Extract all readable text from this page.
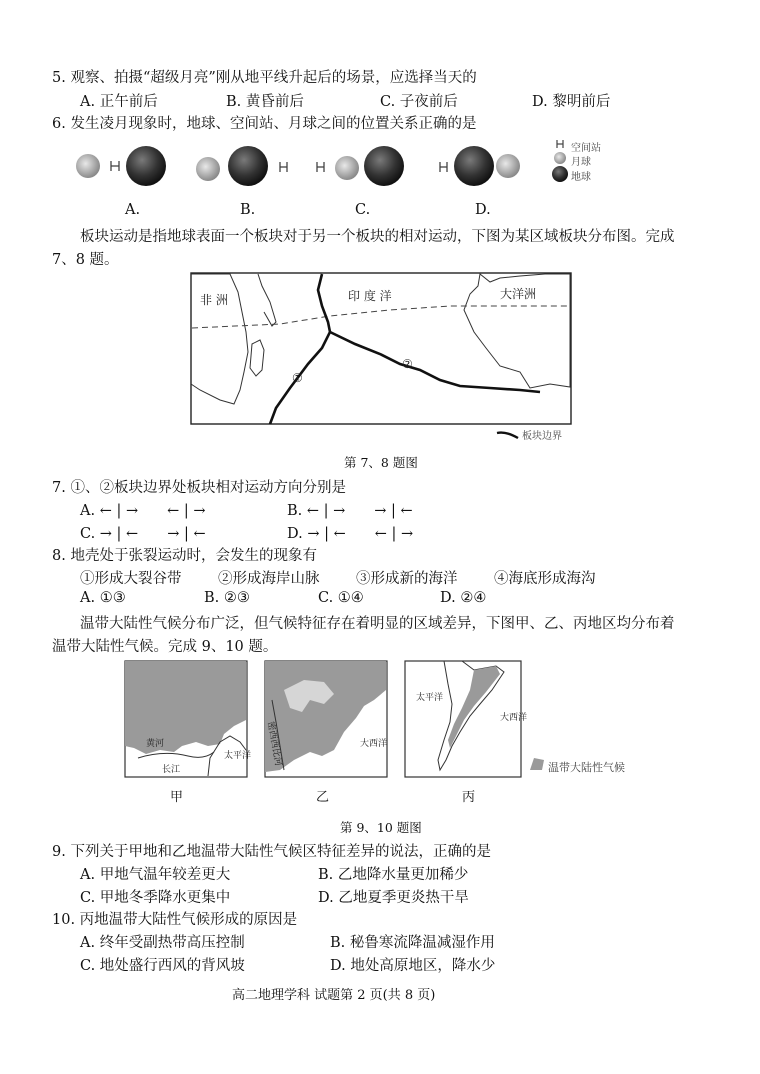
5. 观察、拍摄“超级月亮”刚从地平线升起后的场景，应选择当天的
A. 正午前后	B. 黄昏前后	C. 子夜前后	D. 黎明前后
6. 发生凌月现象时，地球、空间站、月球之间的位置关系正确的是
空间站
月球
地球
A.	B.	C.	D.
板块运动是指地球表面一个板块对于另一个板块的相对运动，下图为某区域板块分布图。完成
7、8 题。
非 洲	印 度 洋	大洋洲
①
②
板块边界
第 7、8 题图
7. ①、②板块边界处板块相对运动方向分别是
A. ← | →　　← | →	B. ← | →　　→ | ←
C. → | ←　　→ | ←	D. → | ←　　← | →
8. 地壳处于张裂运动时，会发生的现象有
①形成大裂谷带	②形成海岸山脉	③形成新的海洋	④海底形成海沟
A. ①③	B. ②③	C. ①④	D. ②④
温带大陆性气候分布广泛，但气候特征存在着明显的区域差异，下图甲、乙、丙地区均分布着
温带大陆性气候。完成 9、10 题。
黄河
长江
太平洋
甲
密西西比河	大西洋
乙
太平洋
大西洋
丙
温带大陆性气候
第 9、10 题图
9. 下列关于甲地和乙地温带大陆性气候区特征差异的说法，正确的是
A. 甲地气温年较差更大	B. 乙地降水量更加稀少
C. 甲地冬季降水更集中	D. 乙地夏季更炎热干旱
10. 丙地温带大陆性气候形成的原因是
A. 终年受副热带高压控制	B. 秘鲁寒流降温减湿作用
C. 地处盛行西风的背风坡	D. 地处高原地区，降水少
高二地理学科 试题第 2 页(共 8 页)
